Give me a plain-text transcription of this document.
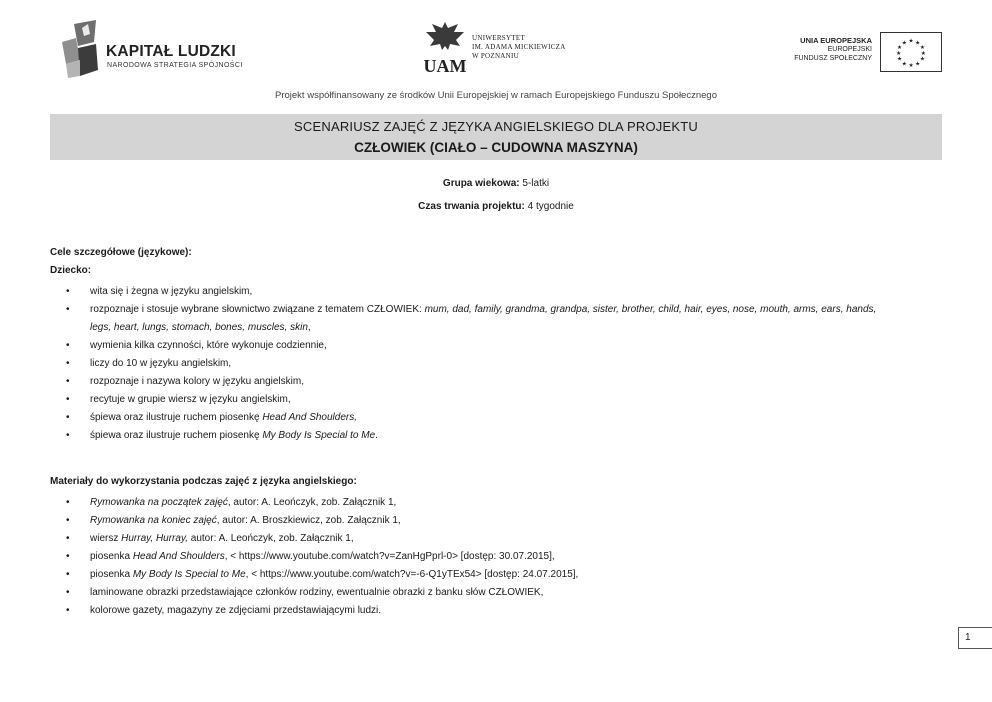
KAPITAŁ LUDZKI
NARODOWA STRATEGIA SPÓJNOŚCI	UAM
UNIWERSYTET
IM. ADAMA MICKIEWICZA
W POZNANIU
UNIA EUROPEJSKA
EUROPEJSKI
FUNDUSZ SPOŁECZNY
★ ★
★
★
★
★
★
★
★
★
★
★
Projekt współfinansowany ze środków Unii Europejskiej w ramach Europejskiego Funduszu Społecznego
SCENARIUSZ ZAJĘĆ Z JĘZYKA ANGIELSKIEGO DLA PROJEKTU
CZŁOWIEK (CIAŁO – CUDOWNA MASZYNA)
Grupa wiekowa: 5-latki
Czas trwania projektu: 4 tygodnie
Cele szczegółowe (językowe):
Dziecko:
• wita się i żegna w języku angielskim,
• rozpoznaje i stosuje wybrane słownictwo związane z tematem CZŁOWIEK: mum, dad, family, grandma, grandpa, sister, brother, child, hair, eyes, nose, mouth, arms, ears, hands,
legs, heart, lungs, stomach, bones, muscles, skin,
• wymienia kilka czynności, które wykonuje codziennie,
• liczy do 10 w języku angielskim,
• rozpoznaje i nazywa kolory w języku angielskim,
• recytuje w grupie wiersz w języku angielskim,
• śpiewa oraz ilustruje ruchem piosenkę Head And Shoulders,
• śpiewa oraz ilustruje ruchem piosenkę My Body Is Special to Me.
Materiały do wykorzystania podczas zajęć z języka angielskiego:
• Rymowanka na początek zajęć, autor: A. Leończyk, zob. Załącznik 1,
• Rymowanka na koniec zajęć, autor: A. Broszkiewicz, zob. Załącznik 1,
• wiersz Hurray, Hurray, autor: A. Leończyk, zob. Załącznik 1,
• piosenka Head And Shoulders, < https://www.youtube.com/watch?v=ZanHgPprl-0> [dostęp: 30.07.2015],
• piosenka My Body Is Special to Me, < https://www.youtube.com/watch?v=-6-Q1yTEx54> [dostęp: 24.07.2015],
• laminowane obrazki przedstawiające członków rodziny, ewentualnie obrazki z banku słów CZŁOWIEK,
• kolorowe gazety, magazyny ze zdjęciami przedstawiającymi ludzi.
1
